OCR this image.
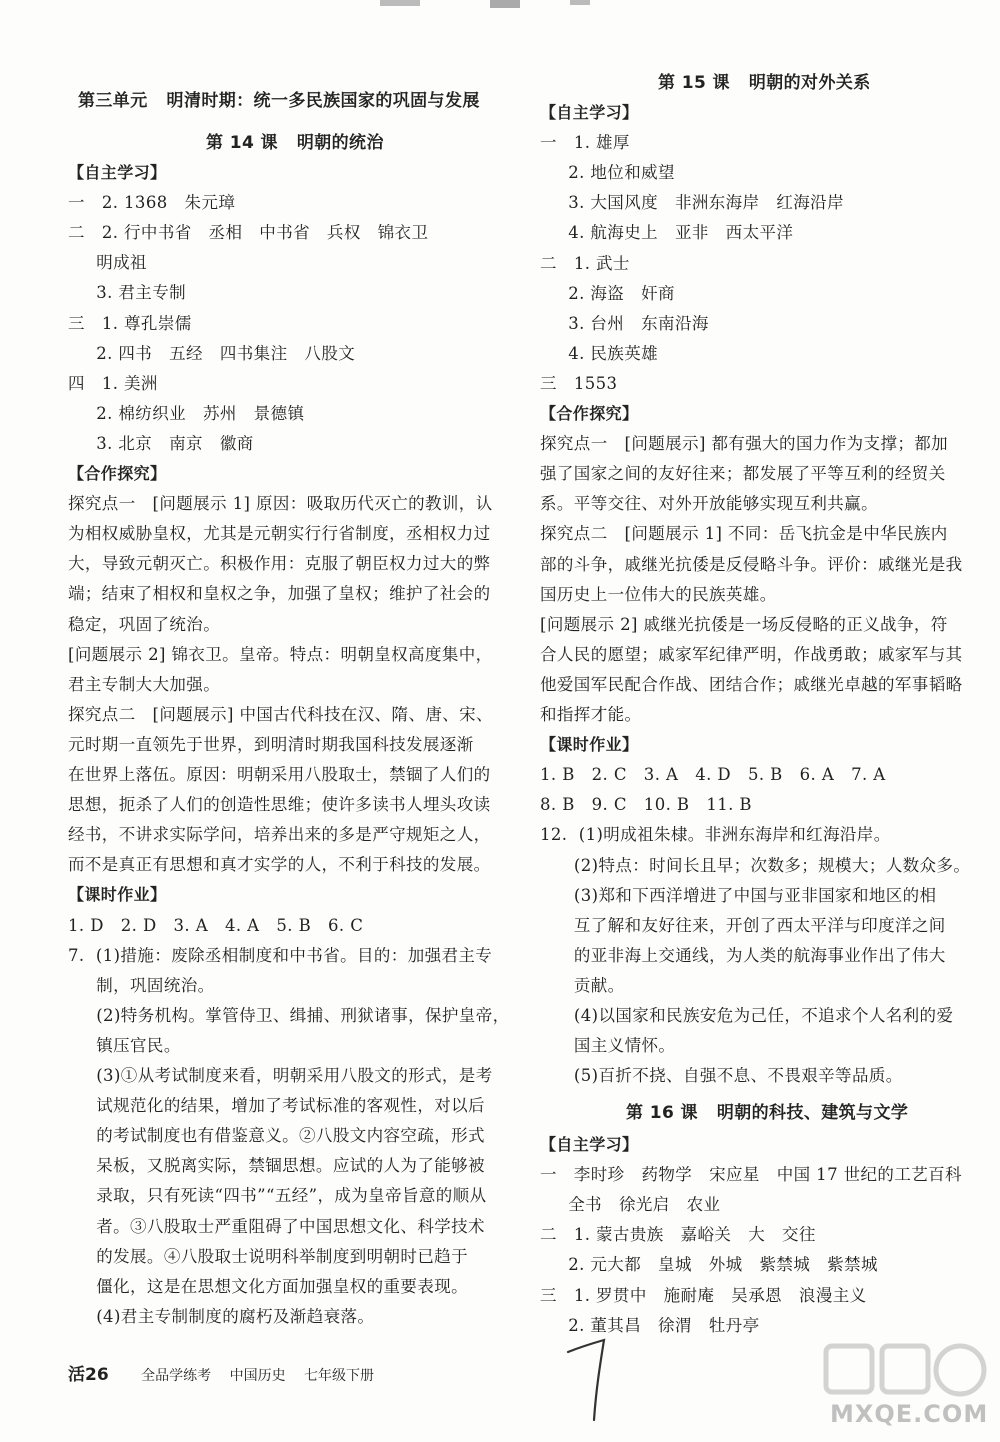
第三单元   明清时期：统一多民族国家的巩固与发展
第 14 课   明朝的统治
【自主学习】
一   2. 1368   朱元璋
二   2. 行中书省   丞相   中书省   兵权   锦衣卫
明成祖
3. 君主专制
三   1. 尊孔崇儒
2. 四书   五经   四书集注   八股文
四   1. 美洲
2. 棉纺织业   苏州   景德镇
3. 北京   南京   徽商
【合作探究】
探究点一   [问题展示 1] 原因：吸取历代灭亡的教训，认
为相权威胁皇权，尤其是元朝实行行省制度，丞相权力过
大，导致元朝灭亡。积极作用：克服了朝臣权力过大的弊
端；结束了相权和皇权之争，加强了皇权；维护了社会的
稳定，巩固了统治。
[问题展示 2] 锦衣卫。皇帝。特点：明朝皇权高度集中，
君主专制大大加强。
探究点二   [问题展示] 中国古代科技在汉、隋、唐、宋、
元时期一直领先于世界，到明清时期我国科技发展逐渐
在世界上落伍。原因：明朝采用八股取士，禁锢了人们的
思想，扼杀了人们的创造性思维；使许多读书人埋头攻读
经书，不讲求实际学问，培养出来的多是严守规矩之人，
而不是真正有思想和真才实学的人，不利于科技的发展。
【课时作业】
1. D   2. D   3. A   4. A   5. B   6. C
7.  (1)措施：废除丞相制度和中书省。目的：加强君主专
制，巩固统治。
(2)特务机构。掌管侍卫、缉捕、刑狱诸事，保护皇帝，
镇压官民。
(3)①从考试制度来看，明朝采用八股文的形式，是考
试规范化的结果，增加了考试标准的客观性，对以后
的考试制度也有借鉴意义。②八股文内容空疏，形式
呆板，又脱离实际，禁锢思想。应试的人为了能够被
录取，只有死读“四书”“五经”，成为皇帝旨意的顺从
者。③八股取士严重阻碍了中国思想文化、科学技术
的发展。④八股取士说明科举制度到明朝时已趋于
僵化，这是在思想文化方面加强皇权的重要表现。
(4)君主专制制度的腐朽及渐趋衰落。
第 15 课   明朝的对外关系
【自主学习】
一   1. 雄厚
2. 地位和威望
3. 大国风度   非洲东海岸   红海沿岸
4. 航海史上   亚非   西太平洋
二   1. 武士
2. 海盗   奸商
3. 台州   东南沿海
4. 民族英雄
三   1553
【合作探究】
探究点一   [问题展示] 都有强大的国力作为支撑；都加
强了国家之间的友好往来；都发展了平等互利的经贸关
系。平等交往、对外开放能够实现互利共赢。
探究点二   [问题展示 1] 不同：岳飞抗金是中华民族内
部的斗争，戚继光抗倭是反侵略斗争。评价：戚继光是我
国历史上一位伟大的民族英雄。
[问题展示 2] 戚继光抗倭是一场反侵略的正义战争，符
合人民的愿望；戚家军纪律严明，作战勇敢；戚家军与其
他爱国军民配合作战、团结合作；戚继光卓越的军事韬略
和指挥才能。
【课时作业】
1. B   2. C   3. A   4. D   5. B   6. A   7. A
8. B   9. C   10. B   11. B
12.  (1)明成祖朱棣。非洲东海岸和红海沿岸。
(2)特点：时间长且早；次数多；规模大；人数众多。
(3)郑和下西洋增进了中国与亚非国家和地区的相
互了解和友好往来，开创了西太平洋与印度洋之间
的亚非海上交通线，为人类的航海事业作出了伟大
贡献。
(4)以国家和民族安危为己任，不追求个人名利的爱
国主义情怀。
(5)百折不挠、自强不息、不畏艰辛等品质。
第 16 课   明朝的科技、建筑与文学
【自主学习】
一   李时珍   药物学   宋应星   中国 17 世纪的工艺百科
全书   徐光启   农业
二   1. 蒙古贵族   嘉峪关   大   交往
2. 元大都   皇城   外城   紫禁城   紫禁城
三   1. 罗贯中   施耐庵   吴承恩   浪漫主义
2. 董其昌   徐渭   牡丹亭
活26 全品学练考 中国历史 七年级下册
MXQE.COM
